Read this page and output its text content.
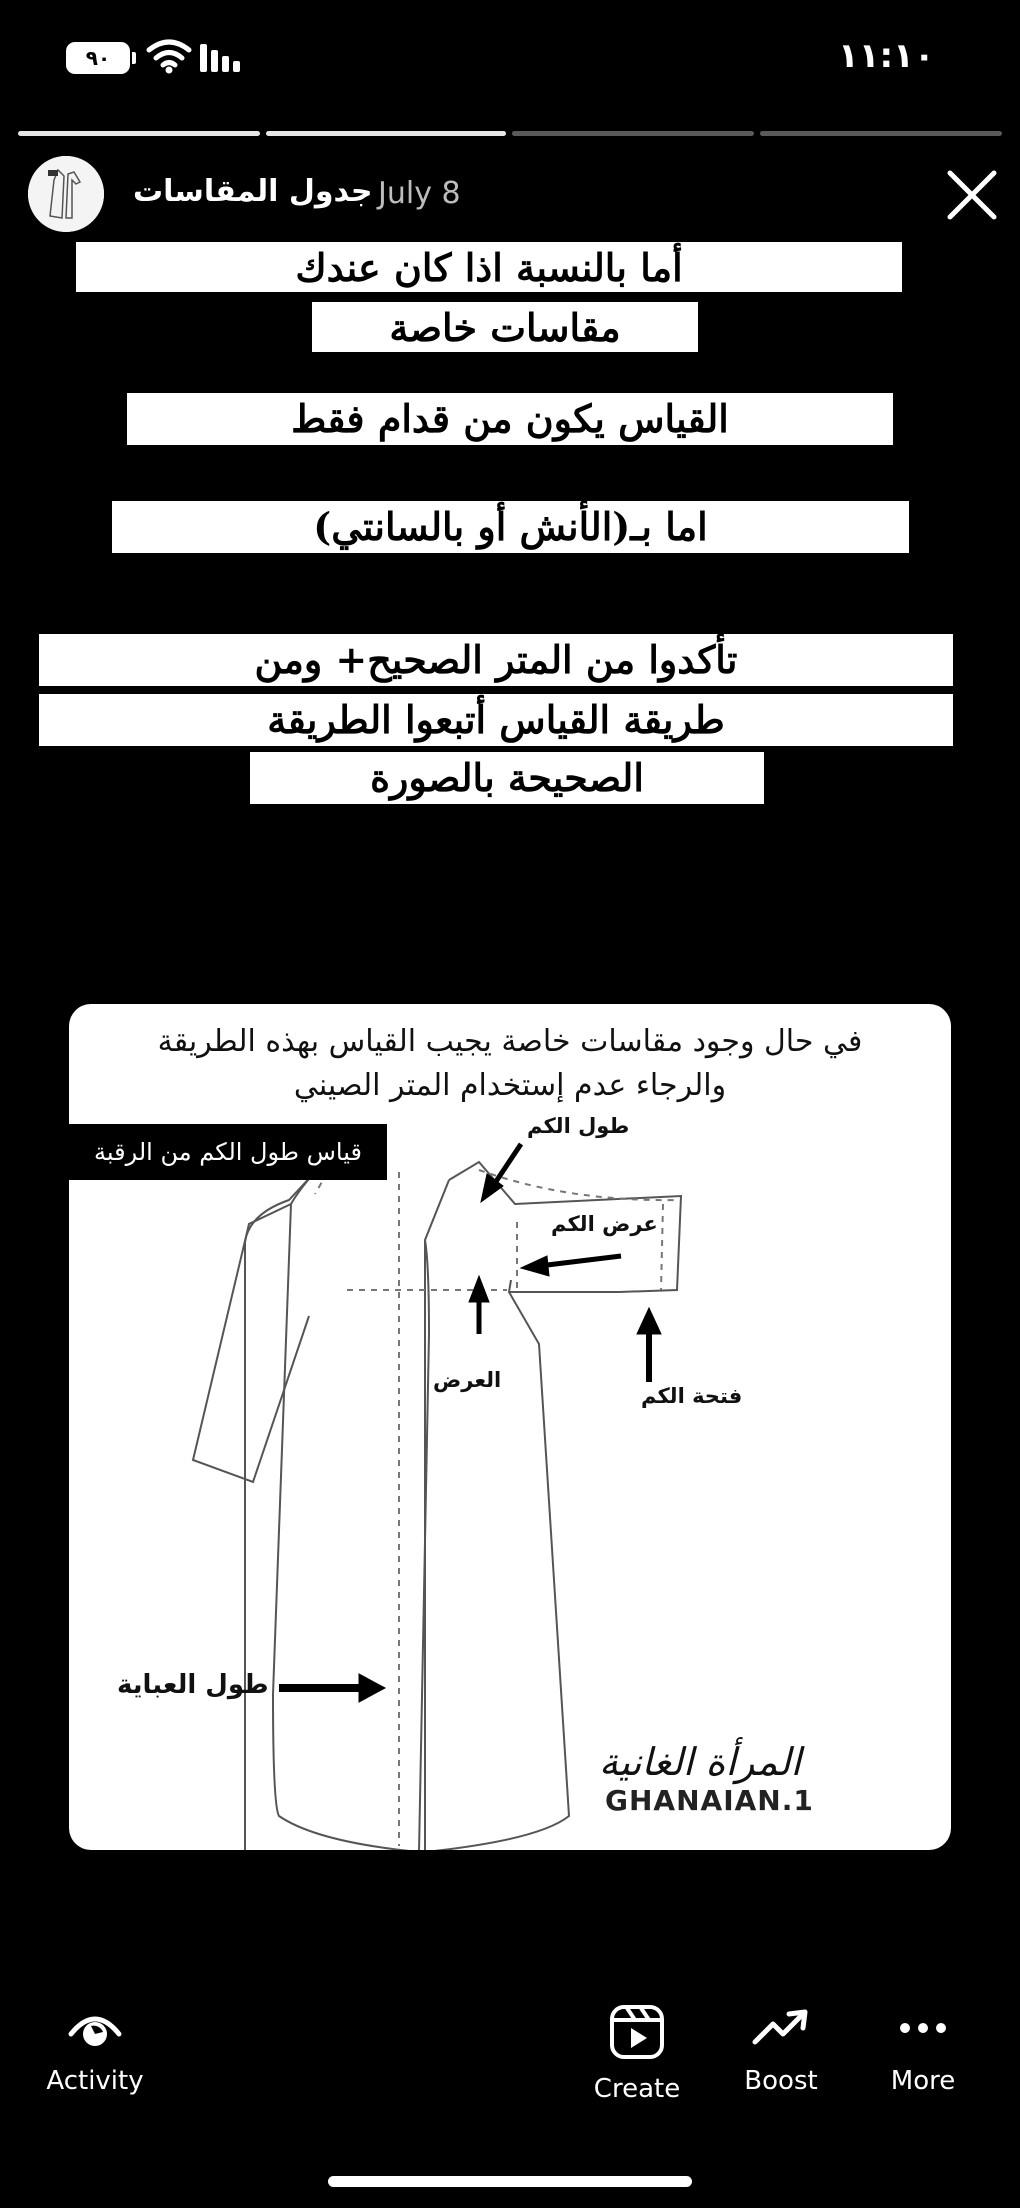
٩٠	١١:١٠
جدول المقاسات July 8
أما بالنسبة اذا كان عندك
مقاسات خاصة
القياس يكون من قدام فقط
اما بـ(الأنش أو بالسانتي)
تأكدوا من المتر الصحيح+ ومن
طريقة القياس أتبعوا الطريقة
الصحيحة بالصورة
في حال وجود مقاسات خاصة يجيب القياس بهذه الطريقة
والرجاء عدم إستخدام المتر الصيني
قياس طول الكم من الرقبة
طول الكم
عرض الكم
العرض
فتحة الكم
طول العباية
المرأة الغانية
GHANAIAN.1
Activity	Create	Boost	More
